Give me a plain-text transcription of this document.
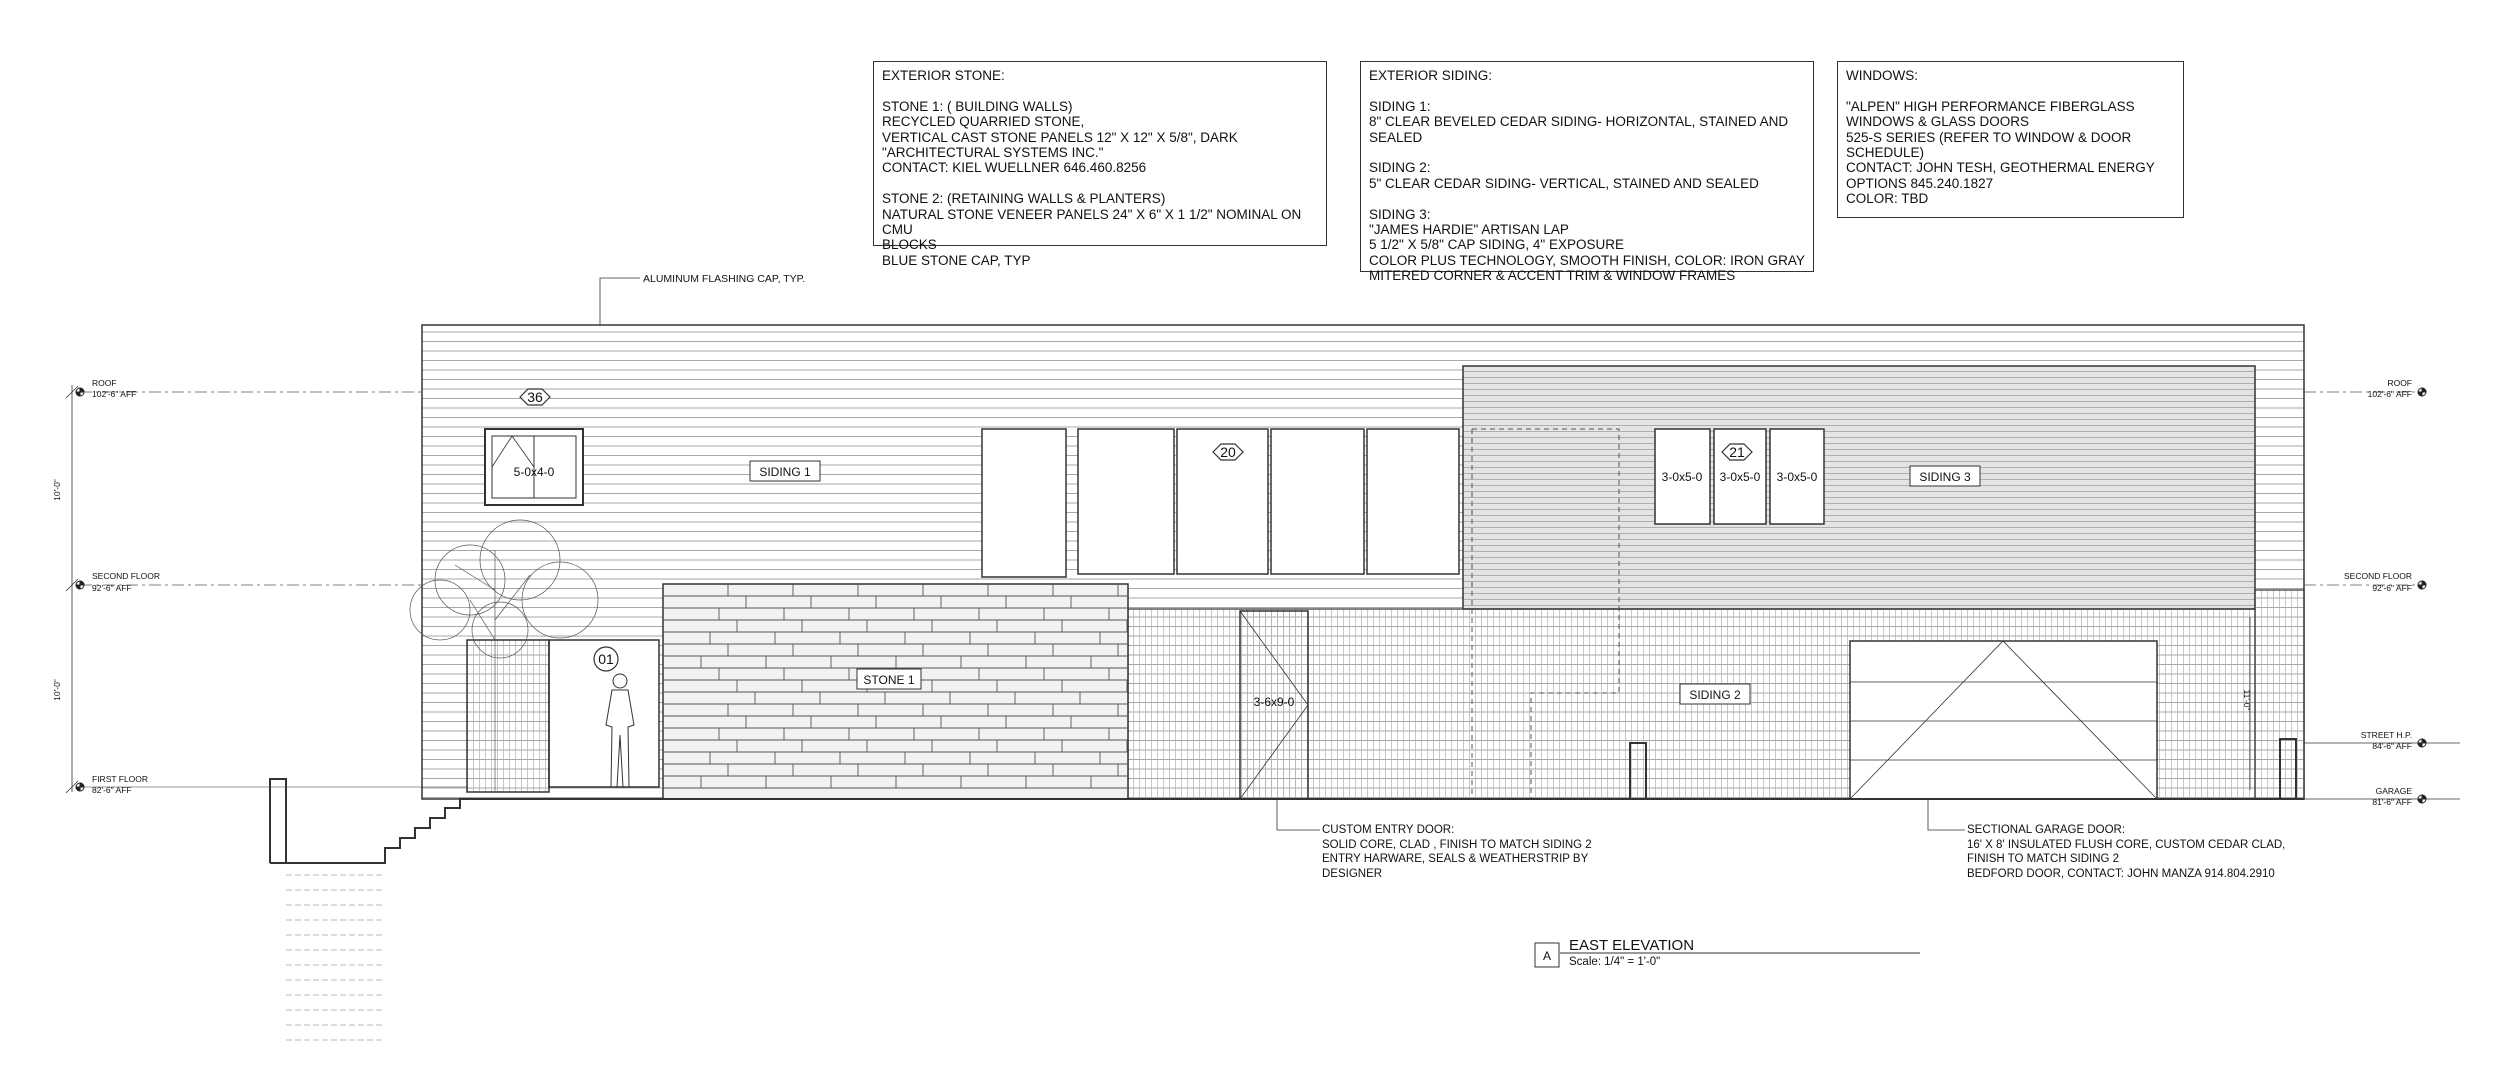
EXTERIOR STONE:

STONE 1: ( BUILDING WALLS)
RECYCLED QUARRIED STONE,
VERTICAL CAST STONE PANELS 12" X 12" X 5/8", DARK
"ARCHITECTURAL SYSTEMS INC."
CONTACT: KIEL WUELLNER 646.460.8256

STONE 2: (RETAINING WALLS & PLANTERS)
NATURAL STONE VENEER PANELS 24" X 6" X 1 1/2" NOMINAL ON CMU
BLOCKS
BLUE STONE CAP, TYP
EXTERIOR SIDING:

SIDING 1:
8" CLEAR BEVELED CEDAR SIDING- HORIZONTAL, STAINED AND
SEALED

SIDING 2:
5" CLEAR CEDAR SIDING- VERTICAL, STAINED AND SEALED

SIDING 3:
"JAMES HARDIE" ARTISAN LAP
5 1/2" X 5/8" CAP SIDING, 4" EXPOSURE
COLOR PLUS TECHNOLOGY, SMOOTH FINISH, COLOR: IRON GRAY
MITERED CORNER & ACCENT TRIM & WINDOW FRAMES
WINDOWS:

"ALPEN" HIGH PERFORMANCE FIBERGLASS
WINDOWS & GLASS DOORS
525-S SERIES (REFER TO WINDOW & DOOR
SCHEDULE)
CONTACT: JOHN TESH, GEOTHERMAL ENERGY
OPTIONS 845.240.1827
COLOR: TBD
ROOF
102'-6" AFF
SECOND FLOOR
92'-6" AFF
FIRST FLOOR
82'-6" AFF
ROOF
102'-6" AFF
SECOND FLOOR
92'-6" AFF
STREET H.P.
84'-6" AFF
GARAGE
81'-6" AFF
10'-0"
10'-0"	11'-0"
36
20	21
01
5-0x4-0	3-0x5-0 3-0x5-0 3-0x5-0
3-6x9-0
SIDING 1
STONE 1
SIDING 2
SIDING 3
ALUMINUM FLASHING CAP, TYP.
A
EAST ELEVATION
Scale: 1/4" = 1'-0"
CUSTOM ENTRY DOOR:
SOLID CORE, CLAD , FINISH TO MATCH SIDING 2
ENTRY HARWARE, SEALS & WEATHERSTRIP BY
DESIGNER
SECTIONAL GARAGE DOOR:
16' X 8' INSULATED FLUSH CORE, CUSTOM CEDAR CLAD,
FINISH TO MATCH SIDING 2
BEDFORD DOOR, CONTACT: JOHN MANZA 914.804.2910
